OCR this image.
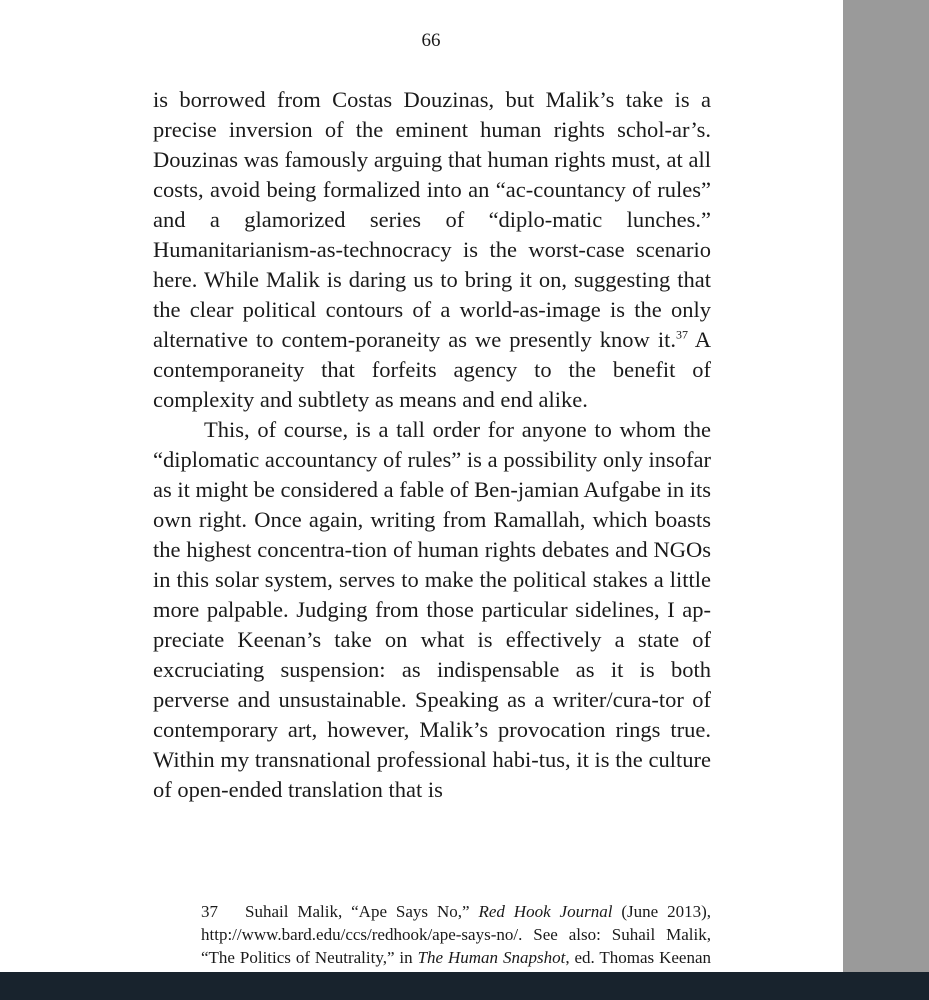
66

is borrowed from Costas Douzinas, but Malik’s take is a precise inversion of the eminent human rights schol-ar’s. Douzinas was famously arguing that human rights must, at all costs, avoid being formalized into an “ac-countancy of rules” and a glamorized series of “diplo-matic lunches.” Humanitarianism-as-technocracy is the worst-case scenario here. While Malik is daring us to bring it on, suggesting that the clear political contours of a world-as-image is the only alternative to contem-poraneity as we presently know it.$^{37}$ A contemporaneity that forfeits agency to the benefit of complexity and subtlety as means and end alike.

This, of course, is a tall order for anyone to whom the “diplomatic accountancy of rules” is a possibility only insofar as it might be considered a fable of Ben-jamian Aufgabe in its own right. Once again, writing from Ramallah, which boasts the highest concentra-tion of human rights debates and NGOs in this solar system, serves to make the political stakes a little more palpable. Judging from those particular sidelines, I ap-preciate Keenan’s take on what is effectively a state of excruciating suspension: as indispensable as it is both perverse and unsustainable. Speaking as a writer/cura-tor of contemporary art, however, Malik’s provocation rings true. Within my transnational professional habi-tus, it is the culture of open-ended translation that is

37 Suhail Malik, “Ape Says No,” Red Hook Journal (June 2013), http://www.bard.edu/ccs/redhook/ape-says-no/. See also: Suhail Malik, “The Politics of Neutrality,” in The Human Snapshot, ed. Thomas Keenan
